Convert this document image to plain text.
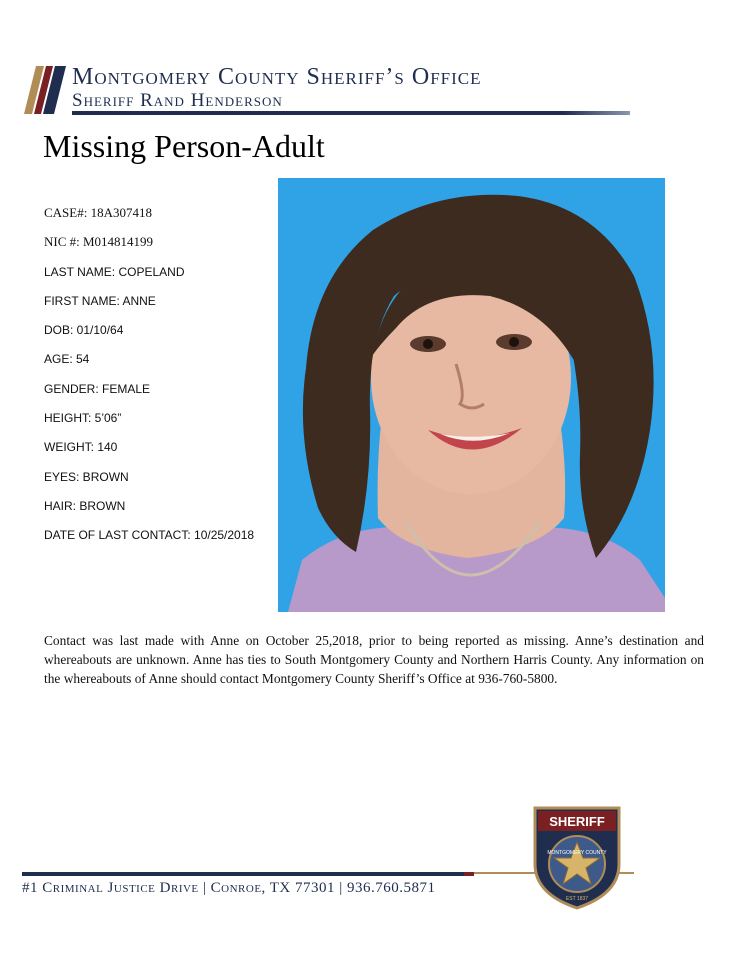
Montgomery County Sheriff’s Office
Sheriff Rand Henderson
Missing Person-Adult
CASE#: 18A307418
NIC #: M014814199
LAST NAME: COPELAND
FIRST NAME: ANNE
DOB: 01/10/64
AGE: 54
GENDER: FEMALE
HEIGHT: 5’06”
WEIGHT: 140
EYES: BROWN
HAIR: BROWN
DATE OF LAST CONTACT: 10/25/2018
Contact was last made with Anne on October 25,2018, prior to being reported as missing. Anne’s destination and whereabouts are unknown. Anne has ties to South Montgomery County and Northern Harris County. Any information on the whereabouts of Anne should contact Montgomery County Sheriff’s Office at 936-760-5800.
#1 Criminal Justice Drive | Conroe, TX 77301 | 936.760.5871
SHERIFF
MONTGOMERY COUNTY
EST 1837
